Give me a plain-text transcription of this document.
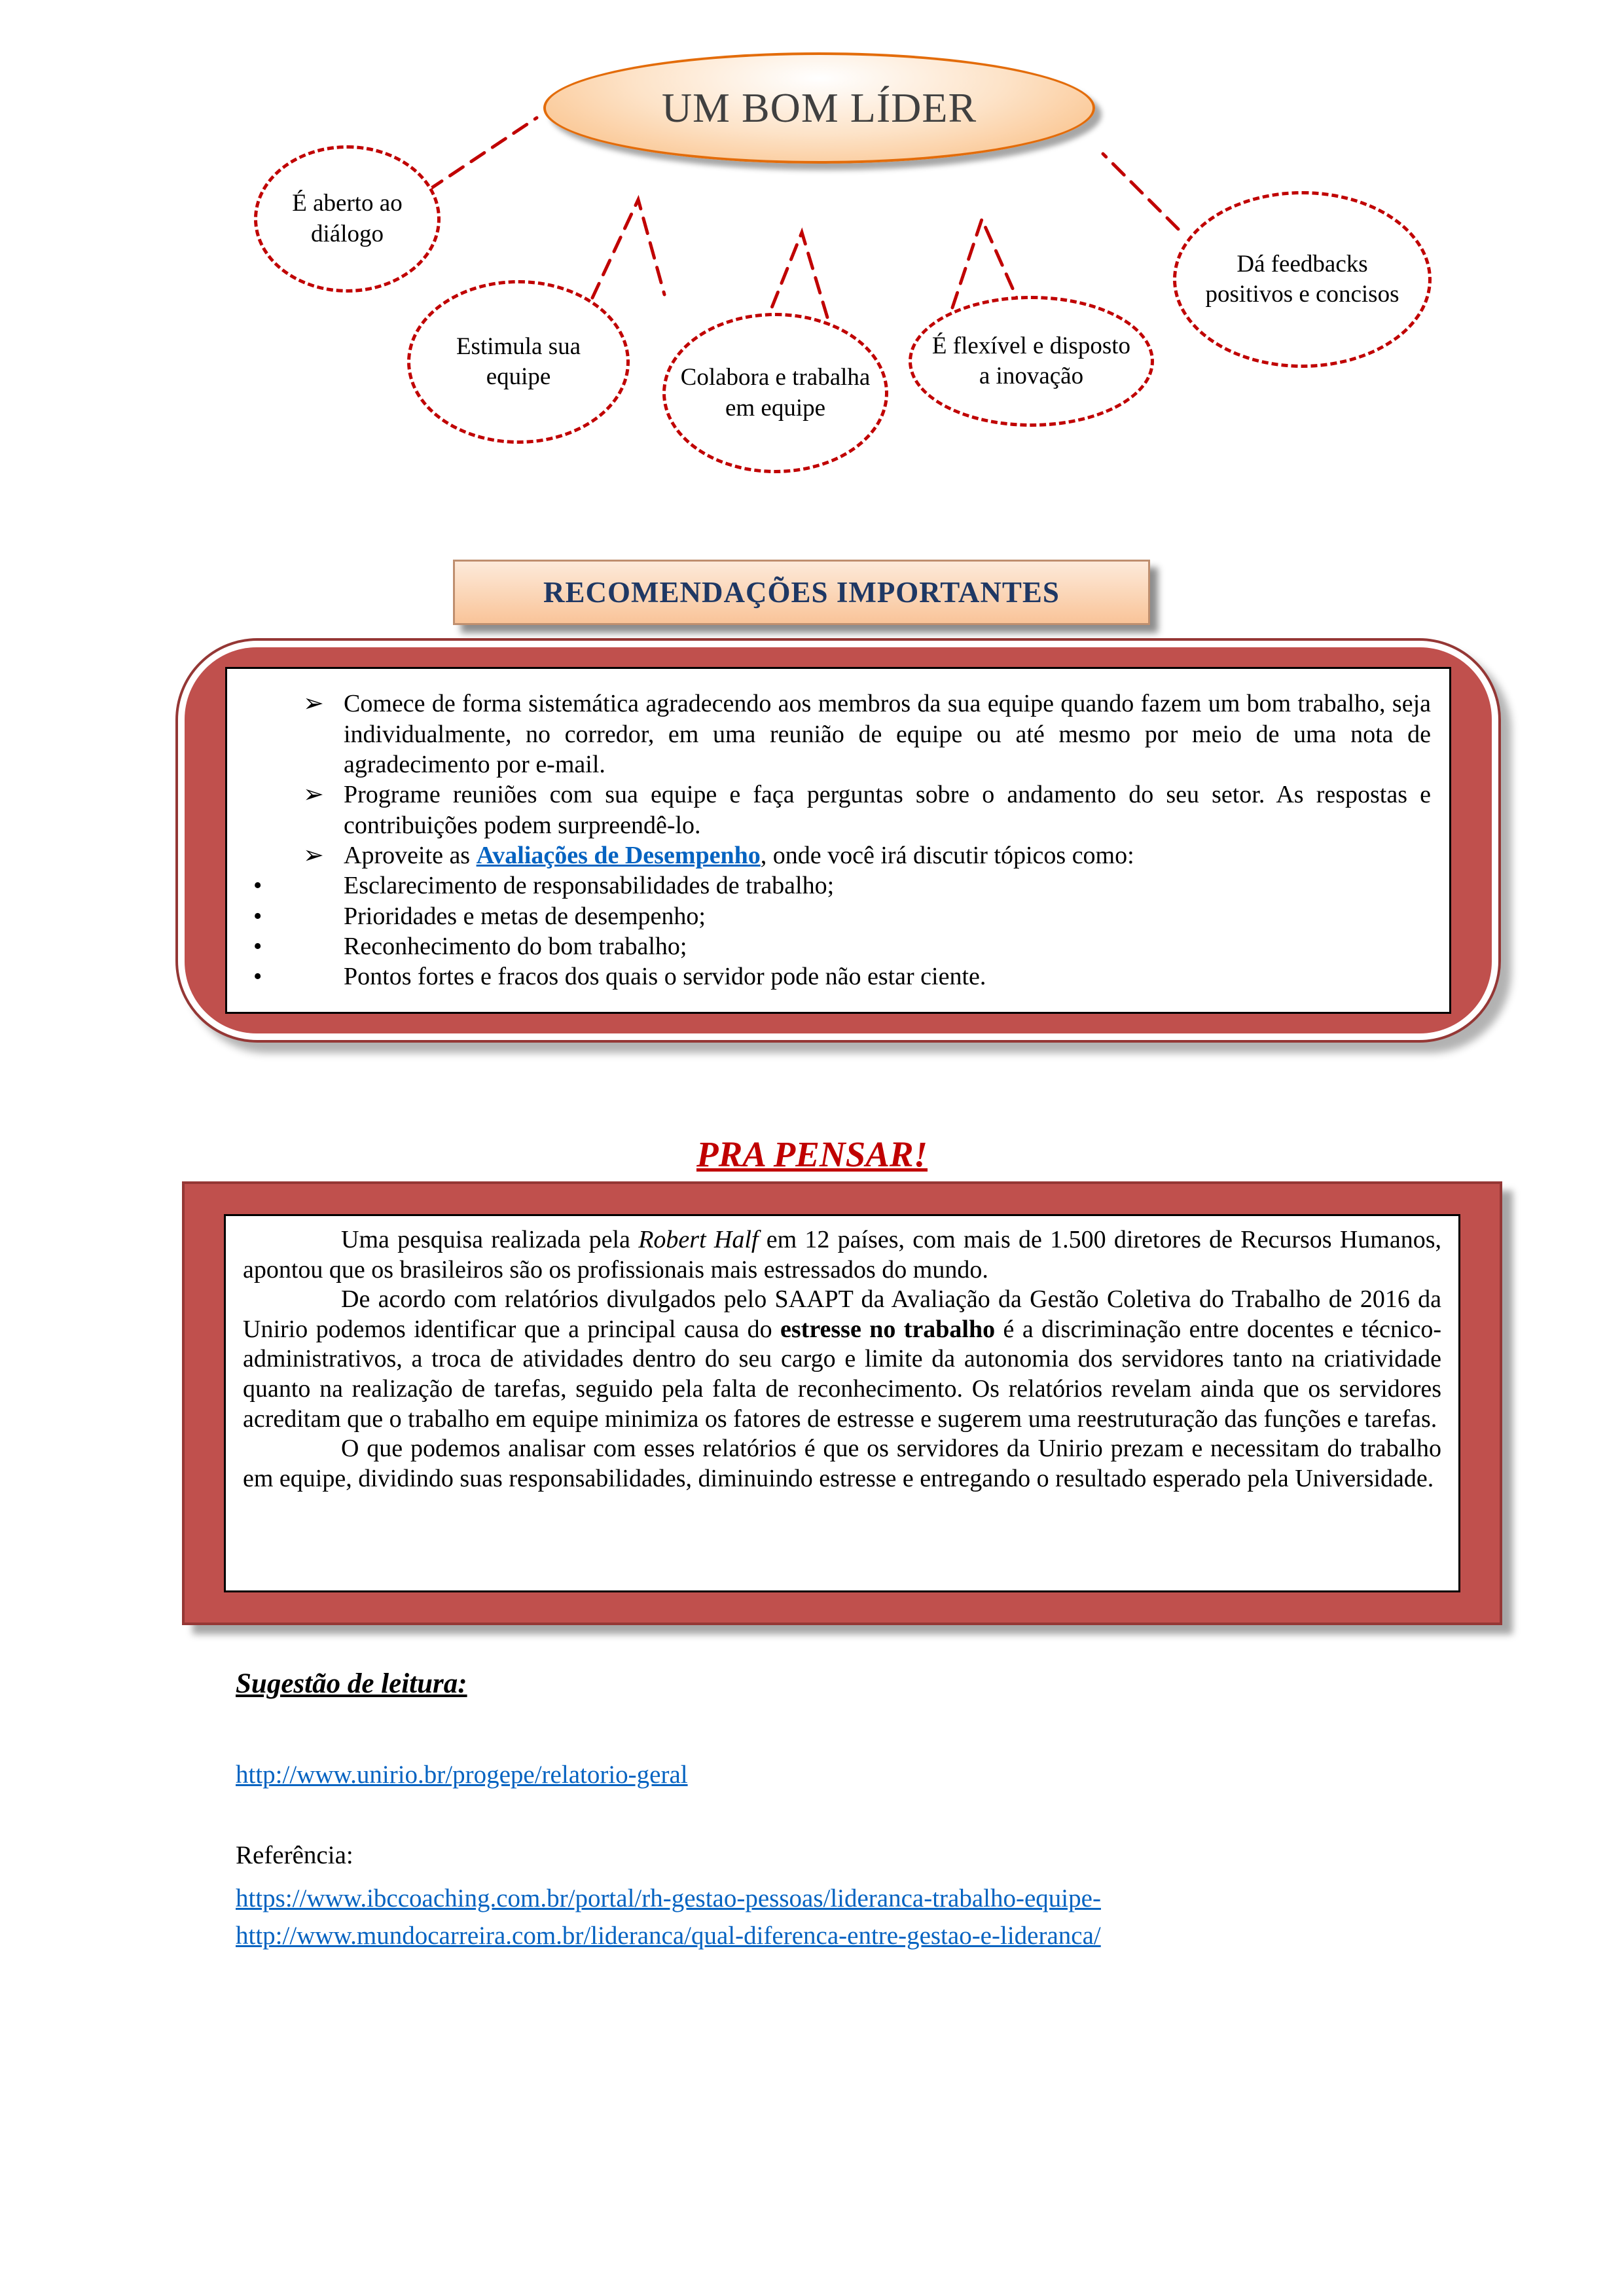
UM BOM LÍDER
É aberto ao diálogo
Estimula sua equipe	Colabora e trabalha em equipe
É flexível e disposto a inovação
Dá feedbacks positivos e concisos
RECOMENDAÇÕES IMPORTANTES
➢ Comece de forma sistemática agradecendo aos membros da sua equipe quando fazem um bom trabalho, seja individualmente, no corredor, em uma reunião de equipe ou até mesmo por meio de uma nota de agradecimento por e-mail.
➢ Programe reuniões com sua equipe e faça perguntas sobre o andamento do seu setor. As respostas e contribuições podem surpreendê-lo.
➢ Aproveite as Avaliações de Desempenho, onde você irá discutir tópicos como:
•	Esclarecimento de responsabilidades de trabalho;
•	Prioridades e metas de desempenho;
•	Reconhecimento do bom trabalho;
•	Pontos fortes e fracos dos quais o servidor pode não estar ciente.
PRA PENSAR!

Uma pesquisa realizada pela Robert Half em 12 países, com mais de 1.500 diretores de Recursos Humanos, apontou que os brasileiros são os profissionais mais estressados do mundo.

De acordo com relatórios divulgados pelo SAAPT da Avaliação da Gestão Coletiva do Trabalho de 2016 da Unirio podemos identificar que a principal causa do estresse no trabalho é a discriminação entre docentes e técnico-administrativos, a troca de atividades dentro do seu cargo e limite da autonomia dos servidores tanto na criatividade quanto na realização de tarefas, seguido pela falta de reconhecimento. Os relatórios revelam ainda que os servidores acreditam que o trabalho em equipe minimiza os fatores de estresse e sugerem uma reestruturação das funções e tarefas.

O que podemos analisar com esses relatórios é que os servidores da Unirio prezam e necessitam do trabalho em equipe, dividindo suas responsabilidades, diminuindo estresse e entregando o resultado esperado pela Universidade.

Sugestão de leitura:

http://www.unirio.br/progepe/relatorio-geral

Referência:

https://www.ibccoaching.com.br/portal/rh-gestao-pessoas/lideranca-trabalho-equipe-
http://www.mundocarreira.com.br/lideranca/qual-diferenca-entre-gestao-e-lideranca/
